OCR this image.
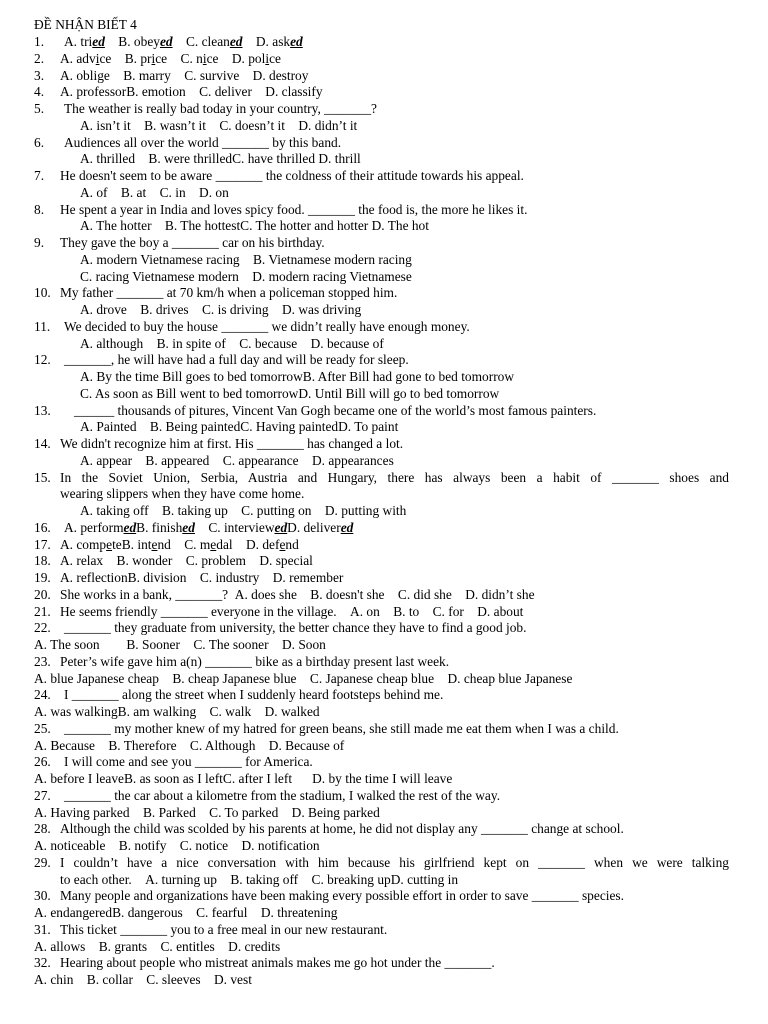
ĐỀ NHẬN BIẾT 4
1. A. tried    B. obeyed    C. cleaned    D. asked
2. A. advice    B. price    C. nice    D. police
3. A. oblige    B. marry    C. survive    D. destroy
4. A. professorB. emotion    C. deliver    D. classify
5. The weather is really bad today in your country, _______?
A. isn’t it    B. wasn’t it    C. doesn’t it    D. didn’t it
6. Audiences all over the world _______ by this band.
A. thrilled    B. were thrilledC. have thrilled D. thrill
7. He doesn't seem to be aware _______ the coldness of their attitude towards his appeal.
A. of    B. at    C. in    D. on
8. He spent a year in India and loves spicy food. _______ the food is, the more he likes it.
A. The hotter    B. The hottestC. The hotter and hotter D. The hot
9. They gave the boy a _______ car on his birthday.
A. modern Vietnamese racing    B. Vietnamese modern racing
C. racing Vietnamese modern    D. modern racing Vietnamese
10. My father _______ at 70 km/h when a policeman stopped him.
A. drove    B. drives    C. is driving    D. was driving
11. We decided to buy the house _______ we didn’t really have enough money.
A. although    B. in spite of    C. because    D. because of
12. _______, he will have had a full day and will be ready for sleep.
A. By the time Bill goes to bed tomorrowB. After Bill had gone to bed tomorrow
C. As soon as Bill went to bed tomorrowD. Until Bill will go to bed tomorrow
13. ______ thousands of pitures, Vincent Van Gogh became one of the world’s most famous painters.
A. Painted    B. Being paintedC. Having paintedD. To paint
14. We didn't recognize him at first. His _______ has changed a lot.
A. appear    B. appeared    C. appearance    D. appearances
15. In the Soviet Union, Serbia, Austria and Hungary, there has always been a habit of _______ shoes and
wearing slippers when they have come home.
A. taking off    B. taking up    C. putting on    D. putting with
16. A. performedB. finished    C. interviewedD. delivered
17. A. competeB. intend    C. medal    D. defend
18. A. relax    B. wonder    C. problem    D. special
19. A. reflectionB. division    C. industry    D. remember
20. She works in a bank, _______?  A. does she    B. doesn't she    C. did she    D. didn’t she
21. He seems friendly _______ everyone in the village.    A. on    B. to    C. for    D. about
22. _______ they graduate from university, the better chance they have to find a good job.
A. The soon        B. Sooner    C. The sooner    D. Soon
23. Peter’s wife gave him a(n) _______ bike as a birthday present last week.
A. blue Japanese cheap    B. cheap Japanese blue    C. Japanese cheap blue    D. cheap blue Japanese
24. I _______ along the street when I suddenly heard footsteps behind me.
A. was walkingB. am walking    C. walk    D. walked
25. _______ my mother knew of my hatred for green beans, she still made me eat them when I was a child.
A. Because    B. Therefore    C. Although    D. Because of
26. I will come and see you _______ for America.
A. before I leaveB. as soon as I leftC. after I left      D. by the time I will leave
27. _______ the car about a kilometre from the stadium, I walked the rest of the way.
A. Having parked    B. Parked    C. To parked    D. Being parked
28. Although the child was scolded by his parents at home, he did not display any _______ change at school.
A. noticeable    B. notify    C. notice    D. notification
29. I couldn’t have a nice conversation with him because his girlfriend kept on _______ when we were talking
to each other.    A. turning up    B. taking off    C. breaking upD. cutting in
30. Many people and organizations have been making every possible effort in order to save _______ species.
A. endangeredB. dangerous    C. fearful    D. threatening
31. This ticket _______ you to a free meal in our new restaurant.
A. allows    B. grants    C. entitles    D. credits
32. Hearing about people who mistreat animals makes me go hot under the _______.
A. chin    B. collar    C. sleeves    D. vest
